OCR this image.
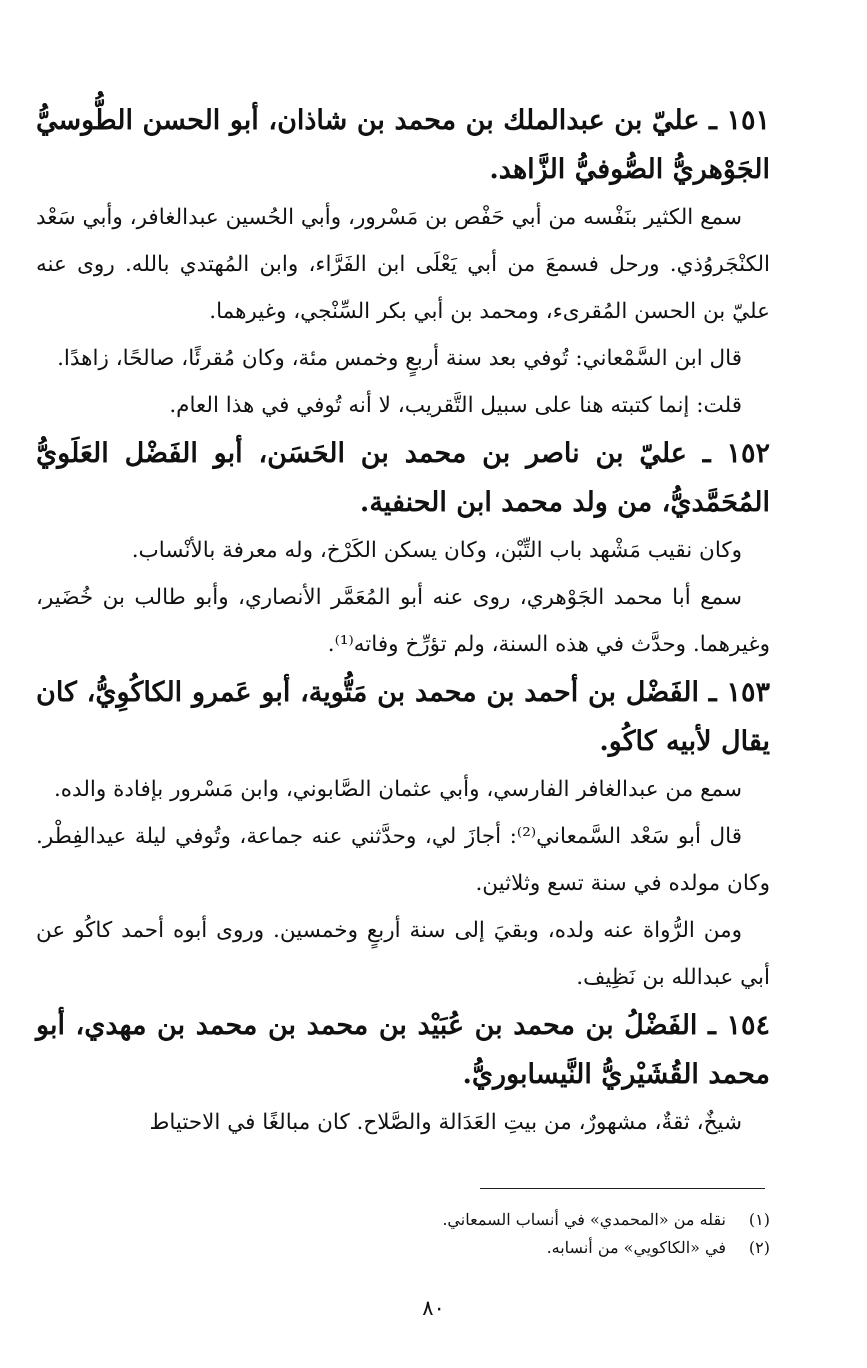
١٥١ ـ عليّ بن عبدالملك بن محمد بن شاذان، أبو الحسن الطُّوسيُّ الجَوْهريُّ الصُّوفيُّ الزَّاهد.

سمع الكثير بنَفْسه من أبي حَفْص بن مَسْرور، وأبي الحُسين عبدالغافر، وأبي سَعْد الكنْجَروُذي. ورحل فسمعَ من أبي يَعْلَى ابن الفَرَّاء، وابن المُهتدي بالله. روى عنه عليّ بن الحسن المُقرىء، ومحمد بن أبي بكر السِّنْجي، وغيرهما.

قال ابن السَّمْعاني: تُوفي بعد سنة أربعٍ وخمس مئة، وكان مُقرئًا، صالحًا، زاهدًا.

قلت: إنما كتبته هنا على سبيل التَّقريب، لا أنه تُوفي في هذا العام.

١٥٢ ـ عليّ بن ناصر بن محمد بن الحَسَن، أبو الفَضْل العَلَويُّ المُحَمَّديُّ، من ولد محمد ابن الحنفية.

وكان نقيب مَشْهد باب التِّبْن، وكان يسكن الكَرْخ، وله معرفة بالأنْساب.

سمع أبا محمد الجَوْهري، روى عنه أبو المُعَمَّر الأنصاري، وأبو طالب بن خُضَير، وغيرهما. وحدَّث في هذه السنة، ولم تؤرِّخ وفاته⁽¹⁾.

١٥٣ ـ الفَضْل بن أحمد بن محمد بن مَتُّوية، أبو عَمرو الكاكُوِيُّ، كان يقال لأبيه كاكُو.

سمع من عبدالغافر الفارسي، وأبي عثمان الصَّابوني، وابن مَسْرور بإفادة والده.

قال أبو سَعْد السَّمعاني⁽²⁾: أجازَ لي، وحدَّثني عنه جماعة، وتُوفي ليلة عيدالفِطْر. وكان مولده في سنة تسع وثلاثين.

ومن الرُّواة عنه ولده، وبقيَ إلى سنة أربعٍ وخمسين. وروى أبوه أحمد كاكُو عن أبي عبدالله بن نَظِيف.

١٥٤ ـ الفَضْلُ بن محمد بن عُبَيْد بن محمد بن محمد بن مهدي، أبو محمد القُشَيْريُّ النَّيسابوريُّ.

شيخٌ، ثقةٌ، مشهورٌ، من بيتِ العَدَالة والصَّلاح. كان مبالغًا في الاحتياط

(١)نقله من «المحمدي» في أنساب السمعاني.

(٢)في «الكاكويي» من أنسابه.

٨٠
